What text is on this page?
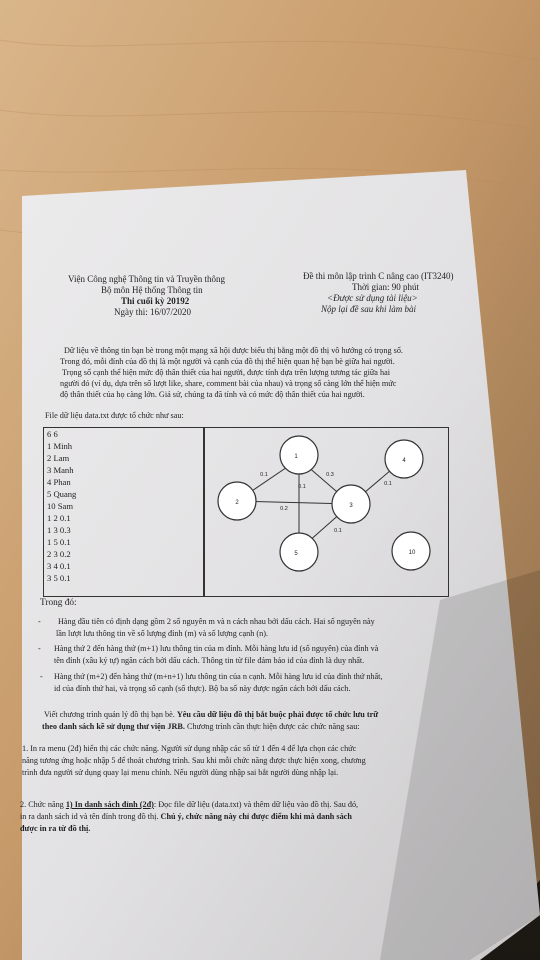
Viện Công nghệ Thông tin và Truyền thông
Bộ môn Hệ thống Thông tin
Thi cuối kỳ 20192
Ngày thi: 16/07/2020
Đề thi môn lập trình C nâng cao (IT3240)
Thời gian: 90 phút
<Được sử dụng tài liệu>
Nộp lại đề sau khi làm bài
Dữ liệu về thông tin bạn bè trong một mạng xã hội được biểu thị bằng một đồ thị vô hướng có trọng số.
Trong đó, mỗi đỉnh của đồ thị là một người và cạnh của đồ thị thể hiện quan hệ bạn bè giữa hai người.
Trọng số cạnh thể hiện mức độ thân thiết của hai người, được tính dựa trên lượng tương tác giữa hai
người đó (ví dụ, dựa trên số lượt like, share, comment bài của nhau) và trọng số càng lớn thể hiện mức
độ thân thiết của họ càng lớn. Giả sử, chúng ta đã tính và có mức độ thân thiết của hai người.
File dữ liệu data.txt được tổ chức như sau:
6 6
1 Minh
2 Lam
3 Manh
4 Phan
5 Quang
10 Sam
1 2 0.1
1 3 0.3
1 5 0.1
2 3 0.2
3 4 0.1
3 5 0.1
1
2	3
4
5	10
0.1	0.3
0.1
0.2
0.1
0.1
Trong đó:
- Hàng đầu tiên có định dạng gồm 2 số nguyên m và n cách nhau bởi dấu cách. Hai số nguyên này
lần lượt lưu thông tin về số lượng đỉnh (m) và số lượng cạnh (n).
- Hàng thứ 2 đến hàng thứ (m+1) lưu thông tin của m đỉnh. Mỗi hàng lưu id (số nguyên) của đỉnh và
tên đỉnh (xâu ký tự) ngăn cách bởi dấu cách. Thông tin từ file đảm bảo id của đỉnh là duy nhất.
- Hàng thứ (m+2) đến hàng thứ (m+n+1) lưu thông tin của n cạnh. Mỗi hàng lưu id của đỉnh thứ nhất,
id của đỉnh thứ hai, và trọng số cạnh (số thực). Bộ ba số này được ngăn cách bởi dấu cách.
Viết chương trình quản lý đồ thị bạn bè. Yêu cầu dữ liệu đồ thị bắt buộc phải được tổ chức lưu trữ
theo danh sách kề sử dụng thư viện JRB. Chương trình cần thực hiện được các chức năng sau:
1. In ra menu (2đ) hiển thị các chức năng. Người sử dụng nhập các số từ 1 đến 4 để lựa chọn các chức
năng tương ứng hoặc nhập 5 để thoát chương trình. Sau khi mỗi chức năng được thực hiện xong, chương
trình đưa người sử dụng quay lại menu chính. Nếu người dùng nhập sai bắt người dùng nhập lại.
2. Chức năng 1) In danh sách đỉnh (2đ): Đọc file dữ liệu (data.txt) và thêm dữ liệu vào đồ thị. Sau đó,
in ra danh sách id và tên đỉnh trong đồ thị. Chú ý, chức năng này chỉ được điểm khi mà danh sách
được in ra từ đồ thị.
